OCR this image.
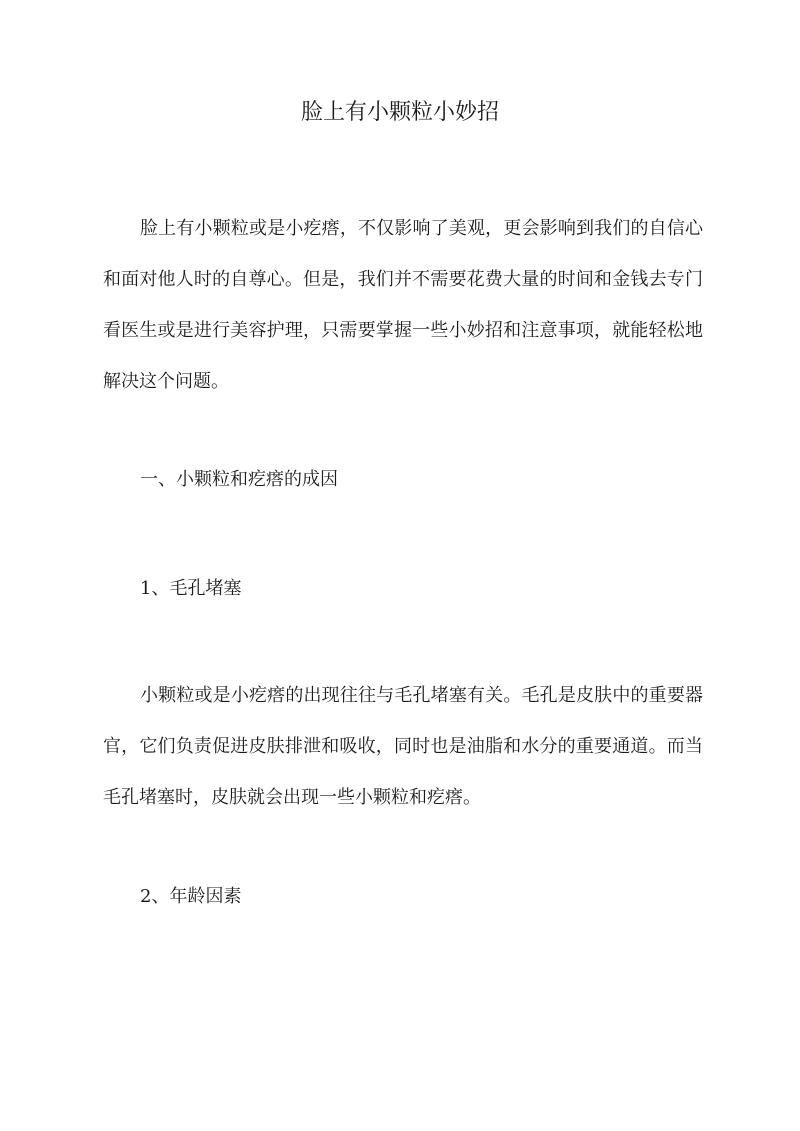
脸上有小颗粒小妙招

脸上有小颗粒或是小疙瘩，不仅影响了美观，更会影响到我们的自信心和面对他人时的自尊心。但是，我们并不需要花费大量的时间和金钱去专门看医生或是进行美容护理，只需要掌握一些小妙招和注意事项，就能轻松地解决这个问题。

一、小颗粒和疙瘩的成因

1、毛孔堵塞

小颗粒或是小疙瘩的出现往往与毛孔堵塞有关。毛孔是皮肤中的重要器官，它们负责促进皮肤排泄和吸收，同时也是油脂和水分的重要通道。而当毛孔堵塞时，皮肤就会出现一些小颗粒和疙瘩。

2、年龄因素
